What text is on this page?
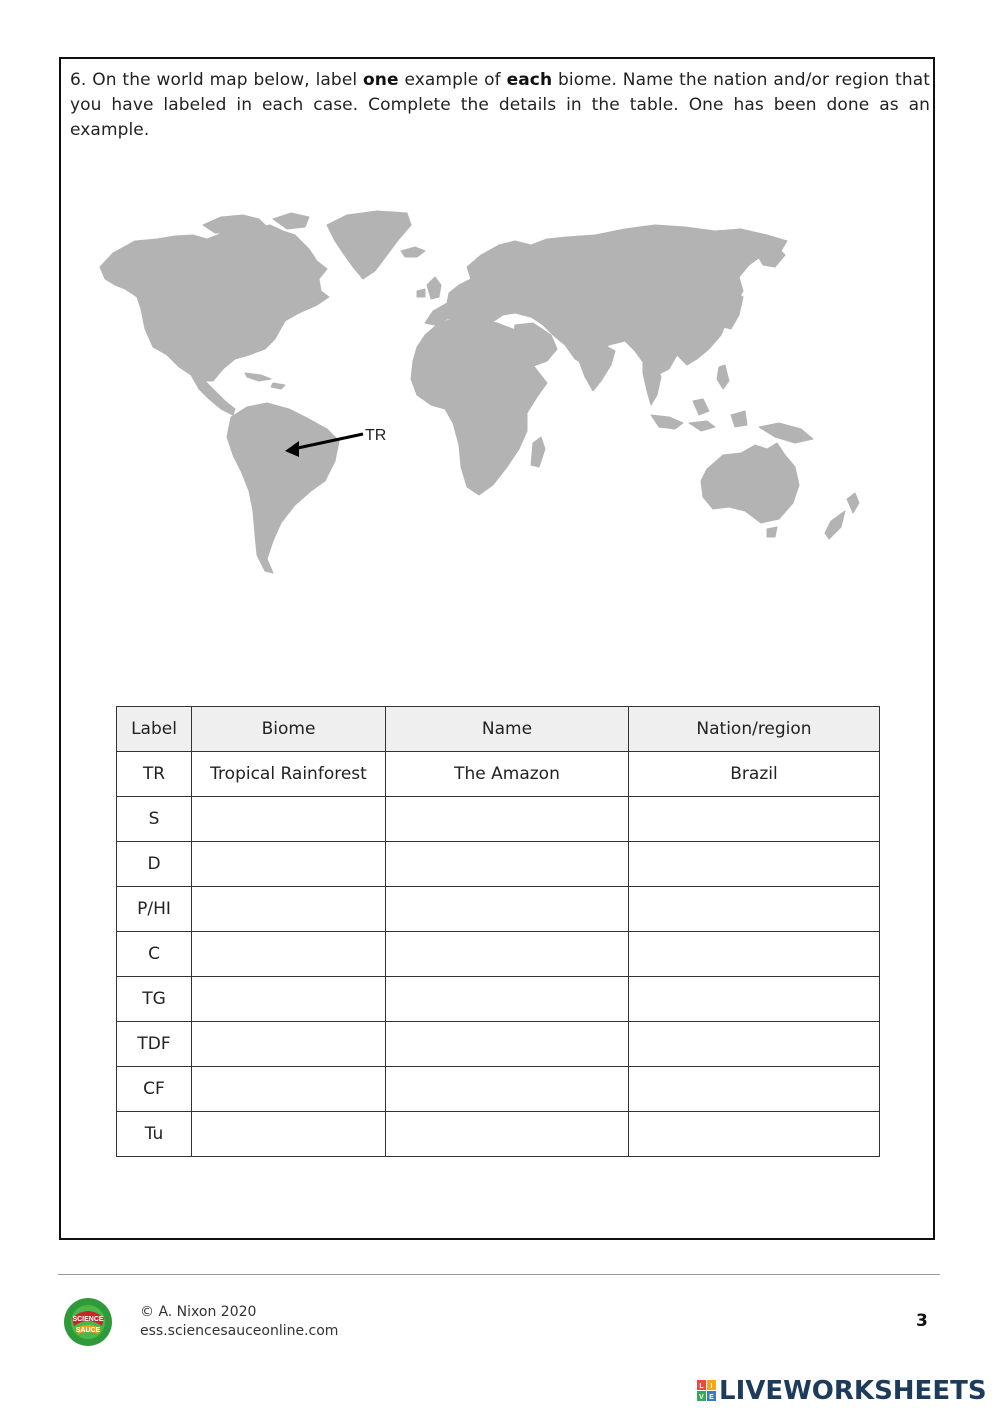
6. On the world map below, label one example of each biome. Name the nation and/or region that you have labeled in each case. Complete the details in the table. One has been done as an example.

TR
Label	Biome	Name	Nation/region
TR	Tropical Rainforest	The Amazon	Brazil
S			
D			
P/HI			
C			
TG			
TDF			
CF			
Tu			
SCIENCE
SAUCE
© A. Nixon 2020
ess.sciencesauceonline.com	3
L I
V E LIVEWORKSHEETS
